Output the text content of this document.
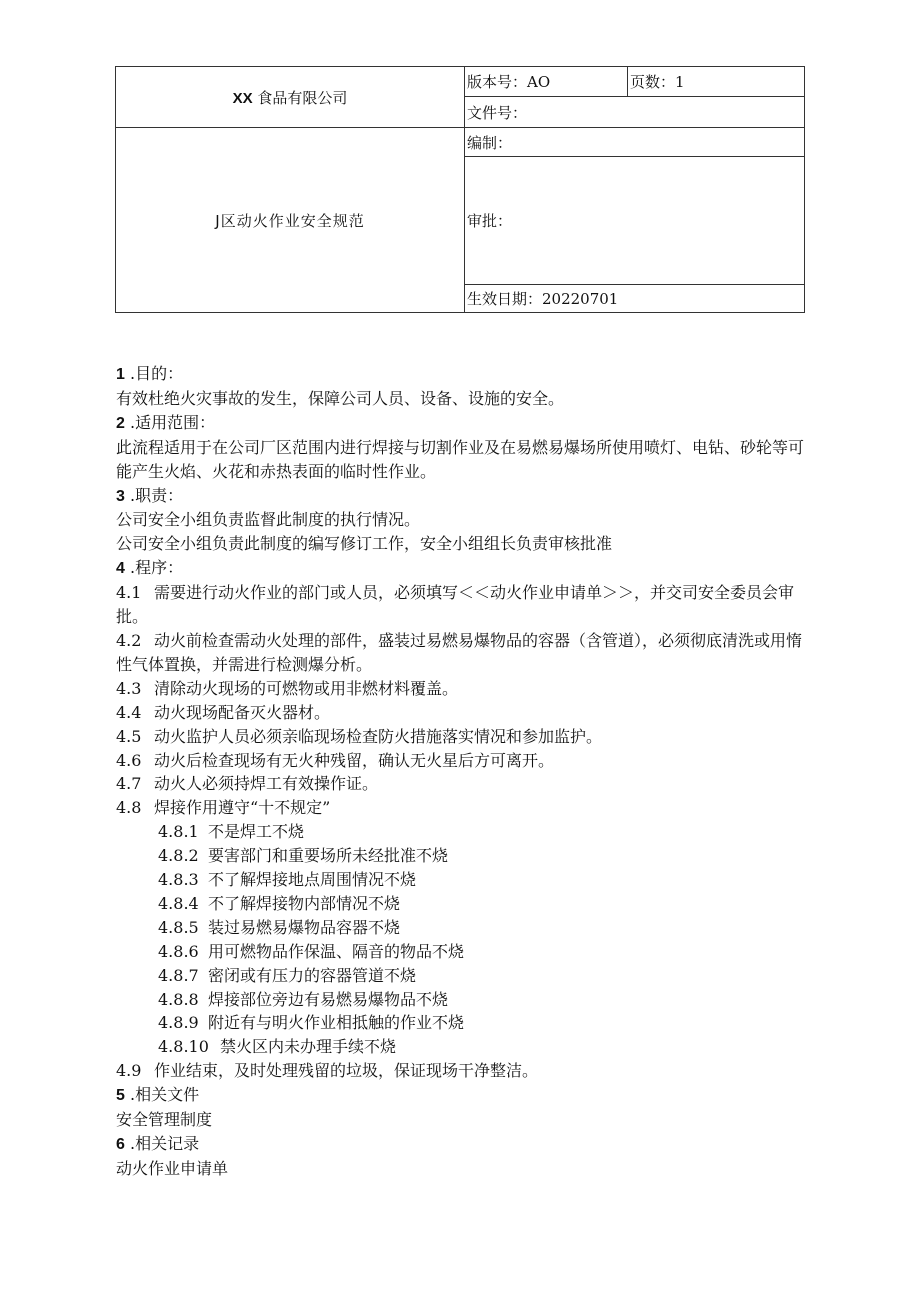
XX 食品有限公司	版本号：AO	页数：1
	文件号：	
J区动火作业安全规范	编制：	
	审批：	
	生效日期：20220701	
1 .目的：
有效杜绝火灾事故的发生，保障公司人员、设备、设施的安全。
2 .适用范围：
此流程适用于在公司厂区范围内进行焊接与切割作业及在易燃易爆场所使用喷灯、电钻、砂轮等可能产生火焰、火花和赤热表面的临时性作业。
3 .职责：
公司安全小组负责监督此制度的执行情况。
公司安全小组负责此制度的编写修订工作，安全小组组长负责审核批准
4 .程序：
4.1 需要进行动火作业的部门或人员，必须填写＜＜动火作业申请单＞＞，并交司安全委员会审批。
4.2 动火前检查需动火处理的部件，盛装过易燃易爆物品的容器（含管道），必须彻底清洗或用惰性气体置换，并需进行检测爆分析。
4.3 清除动火现场的可燃物或用非燃材料覆盖。
4.4 动火现场配备灭火器材。
4.5 动火监护人员必须亲临现场检查防火措施落实情况和参加监护。
4.6 动火后检查现场有无火种残留，确认无火星后方可离开。
4.7 动火人必须持焊工有效操作证。
4.8 焊接作用遵守“十不规定”
4.8.1 不是焊工不烧
4.8.2 要害部门和重要场所未经批准不烧
4.8.3 不了解焊接地点周围情况不烧
4.8.4 不了解焊接物内部情况不烧
4.8.5 装过易燃易爆物品容器不烧
4.8.6 用可燃物品作保温、隔音的物品不烧
4.8.7 密闭或有压力的容器管道不烧
4.8.8 焊接部位旁边有易燃易爆物品不烧
4.8.9 附近有与明火作业相抵触的作业不烧
4.8.10 禁火区内未办理手续不烧
4.9 作业结束，及时处理残留的垃圾，保证现场干净整洁。
5 .相关文件
安全管理制度
6 .相关记录
动火作业申请单
